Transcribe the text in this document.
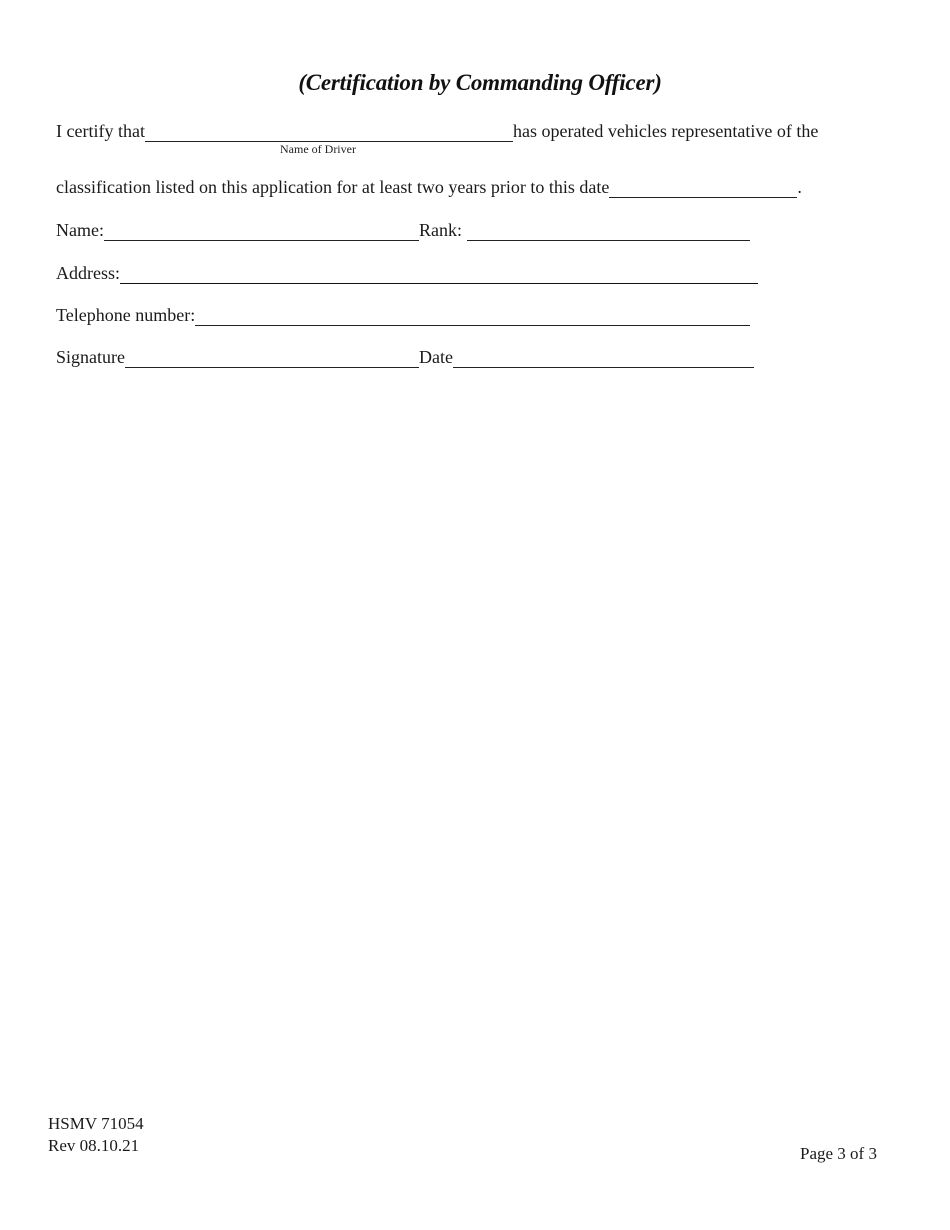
(Certification by Commanding Officer)
I certify that	has operated vehicles representative of the
Name of Driver
classification listed on this application for at least two years prior to this date	.
Name:	Rank:
Address:
Telephone number:
Signature	Date
HSMV 71054
Rev 08.10.21	Page 3 of 3
